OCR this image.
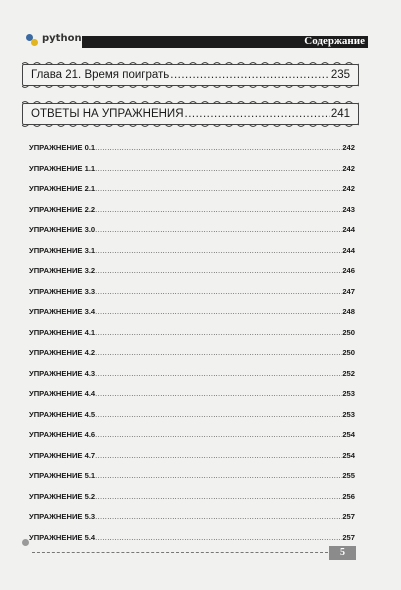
python	Содержание
Глава 21. Время поиграть .....	235
ОТВЕТЫ НА УПРАЖНЕНИЯ .....	241
УПРАЖНЕНИЕ 0.1 .....	242
УПРАЖНЕНИЕ 1.1 .....	242
УПРАЖНЕНИЕ 2.1 .....	242
УПРАЖНЕНИЕ 2.2 .....	243
УПРАЖНЕНИЕ 3.0 .....	244
УПРАЖНЕНИЕ 3.1 .....	244
УПРАЖНЕНИЕ 3.2 .....	246
УПРАЖНЕНИЕ 3.3 .....	247
УПРАЖНЕНИЕ 3.4 .....	248
УПРАЖНЕНИЕ 4.1 .....	250
УПРАЖНЕНИЕ 4.2 .....	250
УПРАЖНЕНИЕ 4.3 .....	252
УПРАЖНЕНИЕ 4.4 .....	253
УПРАЖНЕНИЕ 4.5 .....	253
УПРАЖНЕНИЕ 4.6 .....	254
УПРАЖНЕНИЕ 4.7 .....	254
УПРАЖНЕНИЕ 5.1 .....	255
УПРАЖНЕНИЕ 5.2 .....	256
УПРАЖНЕНИЕ 5.3 .....	257
УПРАЖНЕНИЕ 5.4 .....	257
5
